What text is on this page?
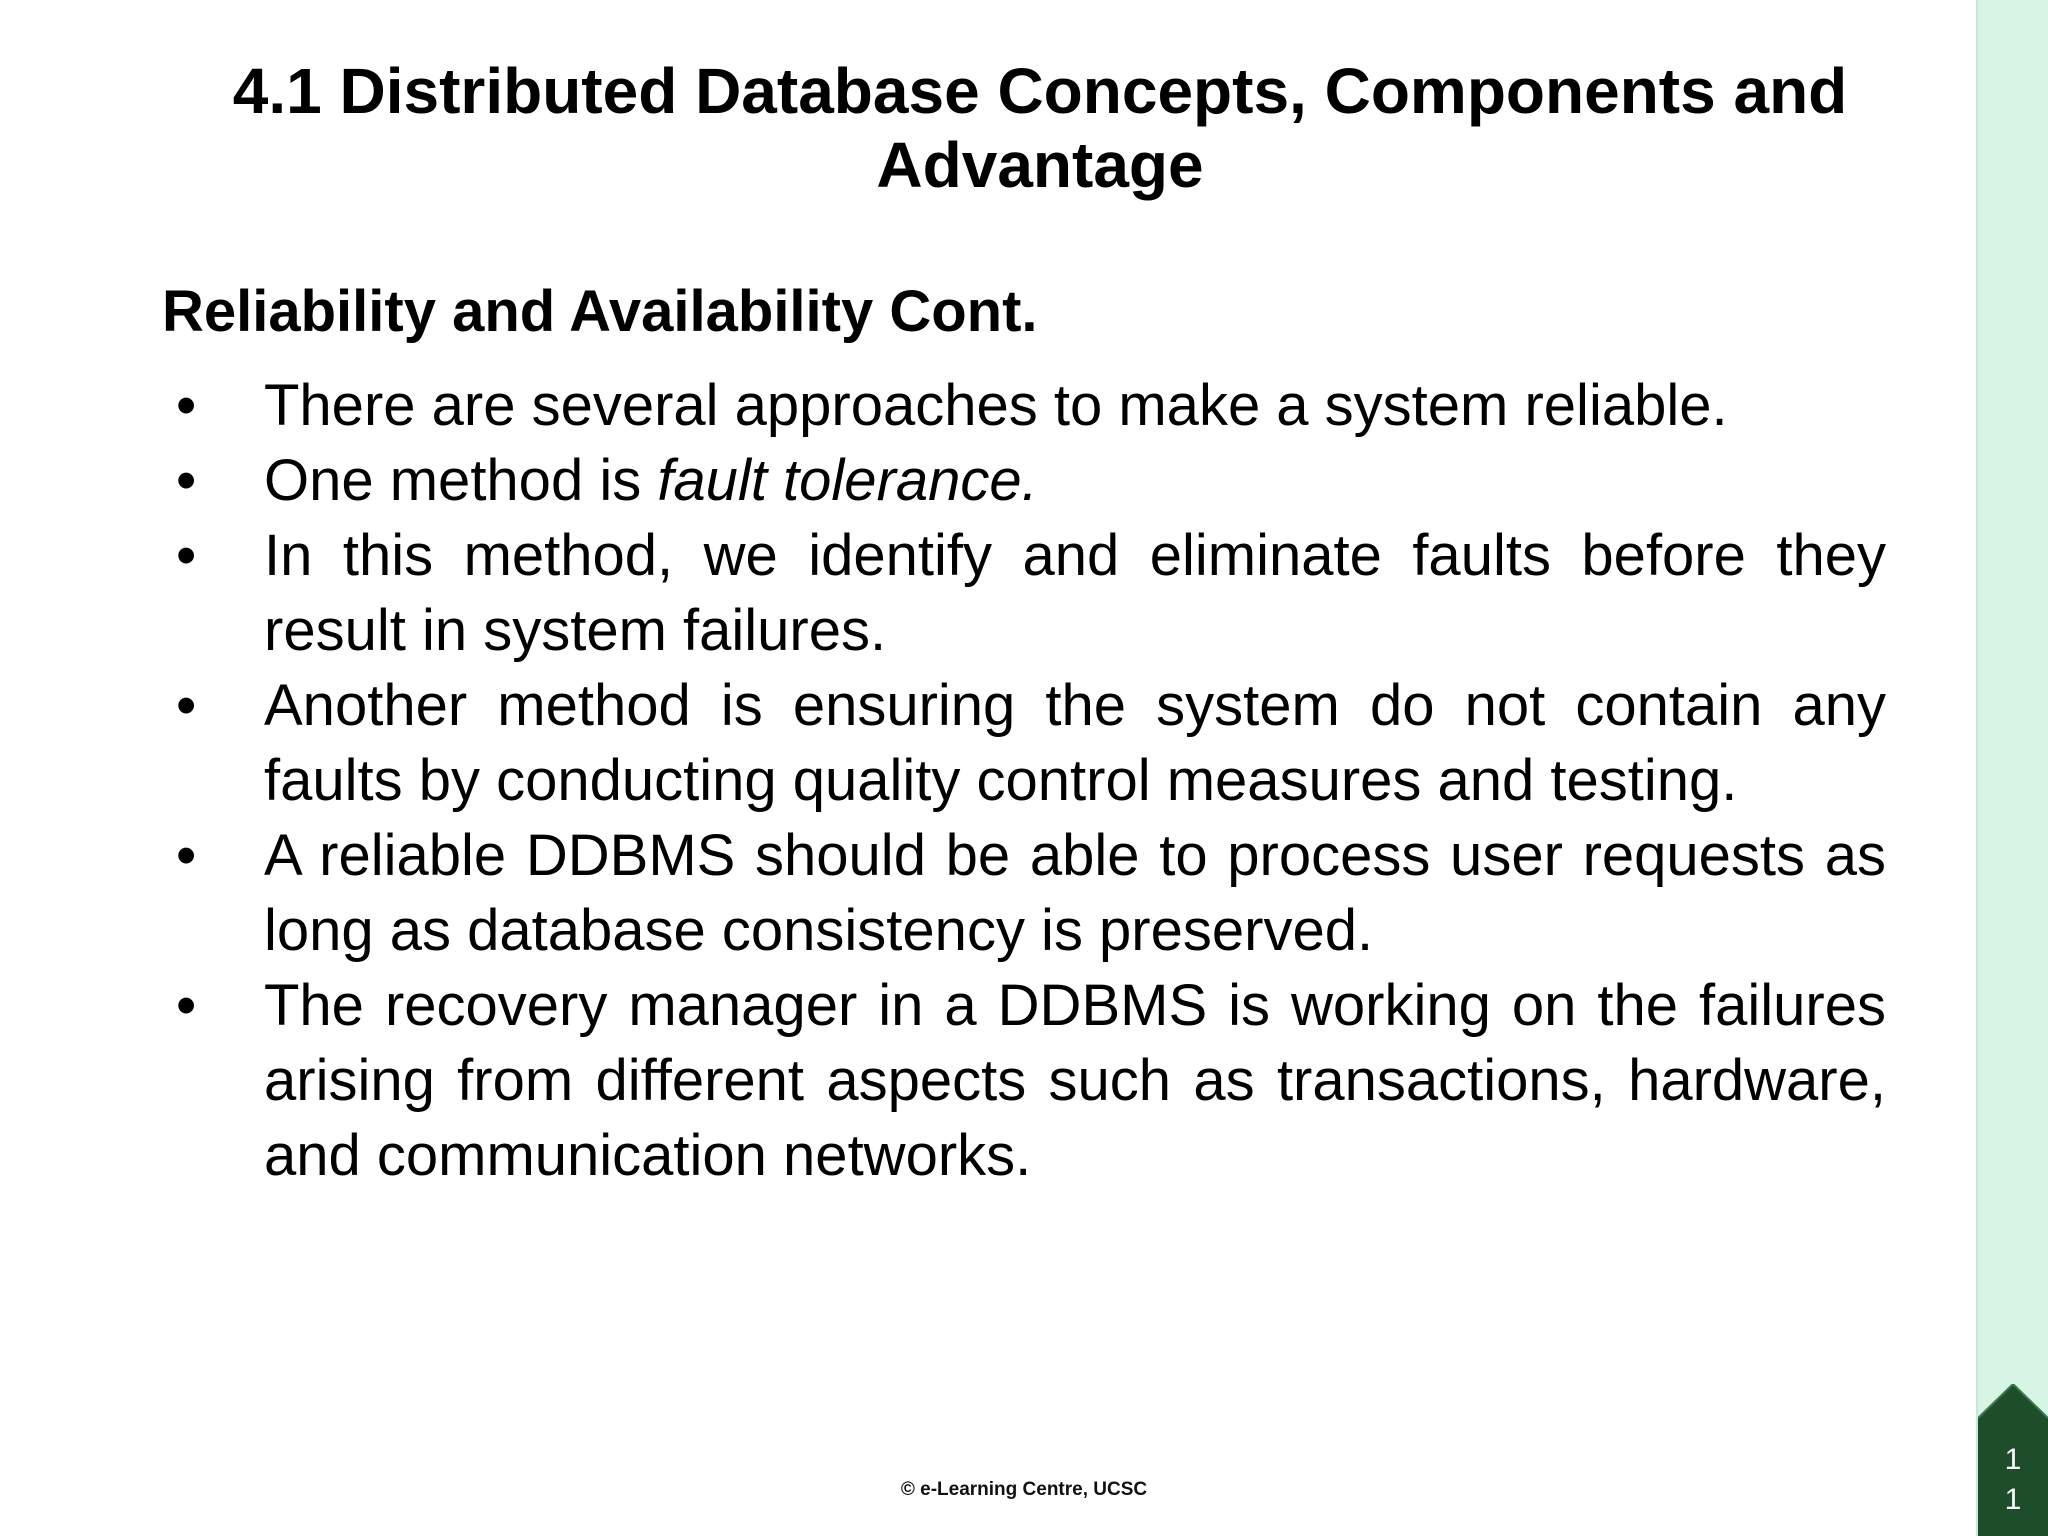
4.1 Distributed Database Concepts, Components and Advantage
Reliability and Availability Cont.
•	There are several approaches to make a system reliable.
•	One method is fault tolerance.
•	In this method, we identify and eliminate faults before they result in system failures.
•	Another method is ensuring the system do not contain any faults by conducting quality control measures and testing.
•	A reliable DDBMS should be able to process user requests as long as database consistency is preserved.
•	The recovery manager in a DDBMS is working on the failures arising from different aspects such as transactions, hardware, and communication networks.
© e-Learning Centre, UCSC
11
